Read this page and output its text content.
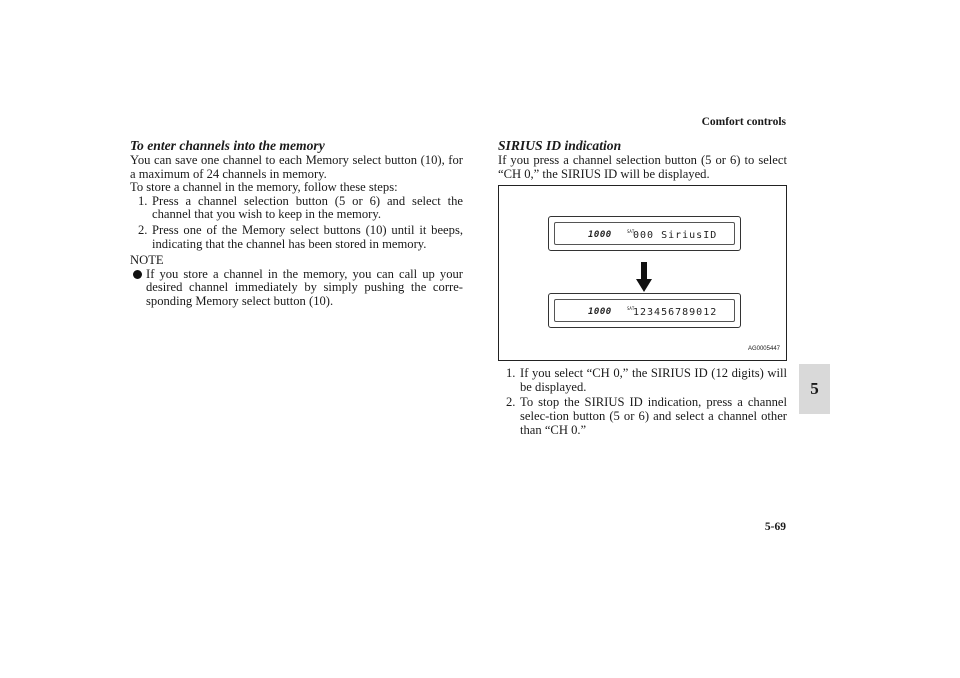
Comfort controls
5
5-69
To enter channels into the memory

You can save one channel to each Memory select button (10), for a maximum of 24 channels in memory.

To store a channel in the memory, follow these steps:

1. Press a channel selection button (5 or 6) and select the channel that you wish to keep in the memory.
2. Press one of the Memory select buttons (10) until it beeps, indicating that the channel has been stored in memory.
NOTE
If you store a channel in the memory, you can call up your desired channel immediately by simply pushing the corre-sponding Memory select button (10).
SIRIUS ID indication

If you press a channel selection button (5 or 6) to select “CH 0,” the SIRIUS ID will be displayed.

1000	SAT
000 SiriusID
1000	SAT
123456789012
AG0005447
1. If you select “CH 0,” the SIRIUS ID (12 digits) will be displayed.
2. To stop the SIRIUS ID indication, press a channel selec-tion button (5 or 6) and select a channel other than “CH 0.”
